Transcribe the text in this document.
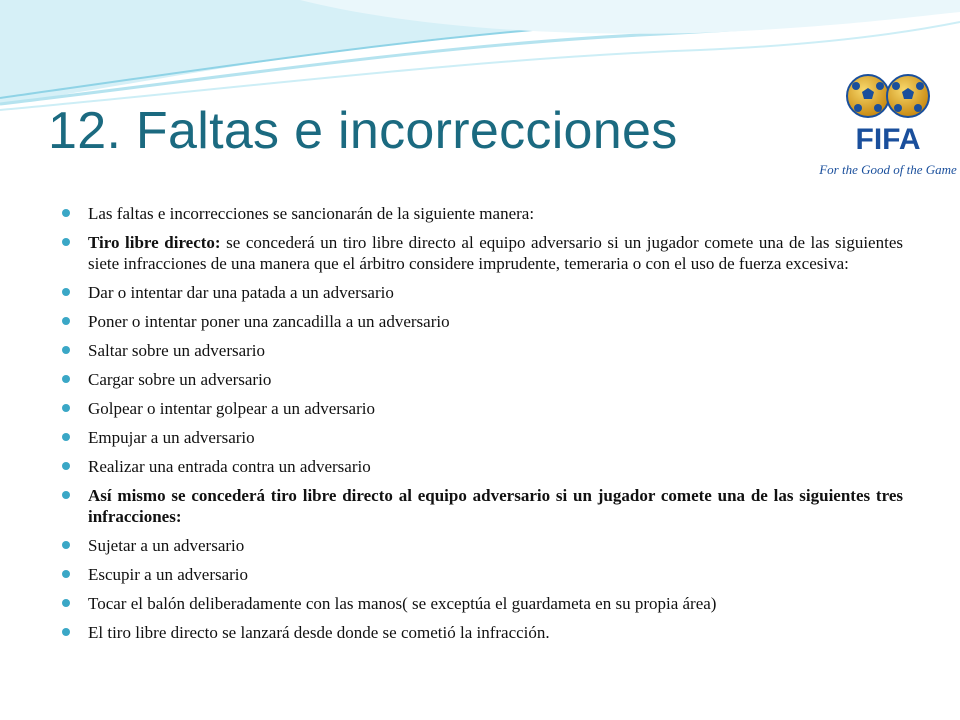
12. Faltas e incorrecciones	FIFA
For the Good of the Game
Las faltas e incorrecciones se sancionarán de la siguiente manera:
Tiro libre directo: se concederá un tiro libre directo al equipo adversario si un jugador comete una de las siguientes siete infracciones de una manera que el árbitro considere imprudente, temeraria o con el uso de fuerza excesiva:
Dar o intentar dar una patada a un adversario
Poner o intentar poner una zancadilla a un adversario
Saltar sobre un adversario
Cargar sobre un adversario
Golpear o intentar golpear a un adversario
Empujar a un adversario
Realizar una entrada contra un adversario
Así mismo se concederá tiro libre directo al equipo adversario si un jugador comete una de las siguientes tres infracciones:
Sujetar a un adversario
Escupir a un adversario
Tocar el balón deliberadamente con las manos( se exceptúa el guardameta en su propia área)
El tiro libre directo se lanzará desde donde se cometió la infracción.
